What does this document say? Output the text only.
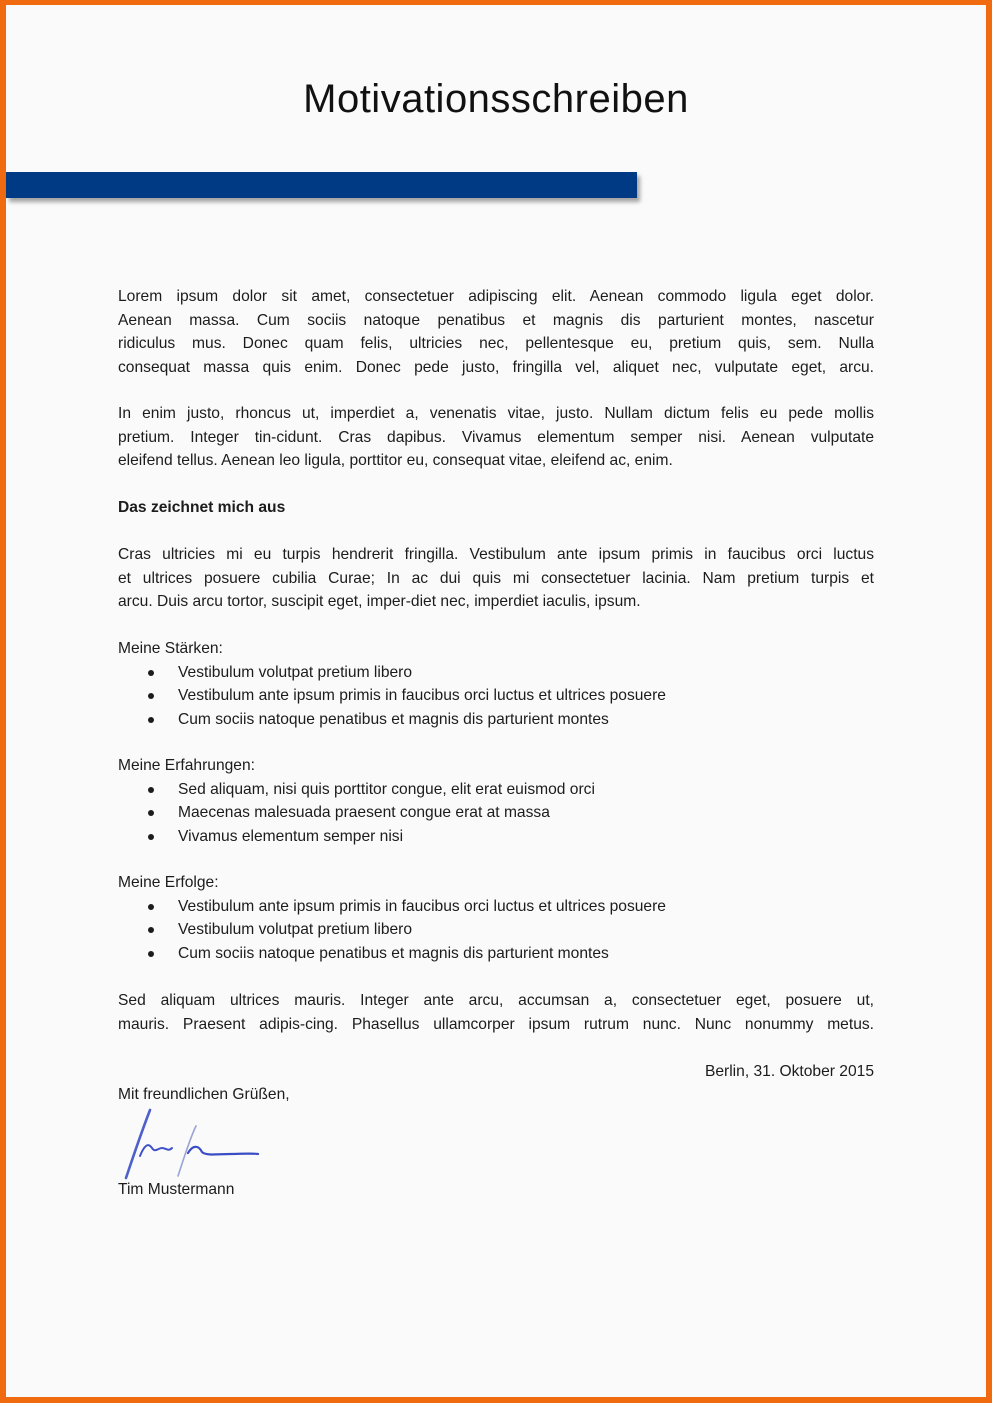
Motivationsschreiben
Lorem ipsum dolor sit amet, consectetuer adipiscing elit. Aenean commodo ligula eget dolor.
Aenean massa. Cum sociis natoque penatibus et magnis dis parturient montes, nascetur
ridiculus mus. Donec quam felis, ultricies nec, pellentesque eu, pretium quis, sem. Nulla
consequat massa quis enim. Donec pede justo, fringilla vel, aliquet nec, vulputate eget, arcu.
In enim justo, rhoncus ut, imperdiet a, venenatis vitae, justo. Nullam dictum felis eu pede mollis
pretium. Integer tin-cidunt. Cras dapibus. Vivamus elementum semper nisi. Aenean vulputate
eleifend tellus. Aenean leo ligula, porttitor eu, consequat vitae, eleifend ac, enim.
Das zeichnet mich aus
Cras ultricies mi eu turpis hendrerit fringilla. Vestibulum ante ipsum primis in faucibus orci luctus
et ultrices posuere cubilia Curae; In ac dui quis mi consectetuer lacinia. Nam pretium turpis et
arcu. Duis arcu tortor, suscipit eget, imper-diet nec, imperdiet iaculis, ipsum.
Meine Stärken:
Vestibulum volutpat pretium libero
Vestibulum ante ipsum primis in faucibus orci luctus et ultrices posuere
Cum sociis natoque penatibus et magnis dis parturient montes
Meine Erfahrungen:
Sed aliquam, nisi quis porttitor congue, elit erat euismod orci
Maecenas malesuada praesent congue erat at massa
Vivamus elementum semper nisi
Meine Erfolge:
Vestibulum ante ipsum primis in faucibus orci luctus et ultrices posuere
Vestibulum volutpat pretium libero
Cum sociis natoque penatibus et magnis dis parturient montes
Sed aliquam ultrices mauris. Integer ante arcu, accumsan a, consectetuer eget, posuere ut,
mauris. Praesent adipis-cing. Phasellus ullamcorper ipsum rutrum nunc. Nunc nonummy metus.
Berlin, 31. Oktober 2015
Mit freundlichen Grüßen,
Tim Mustermann
